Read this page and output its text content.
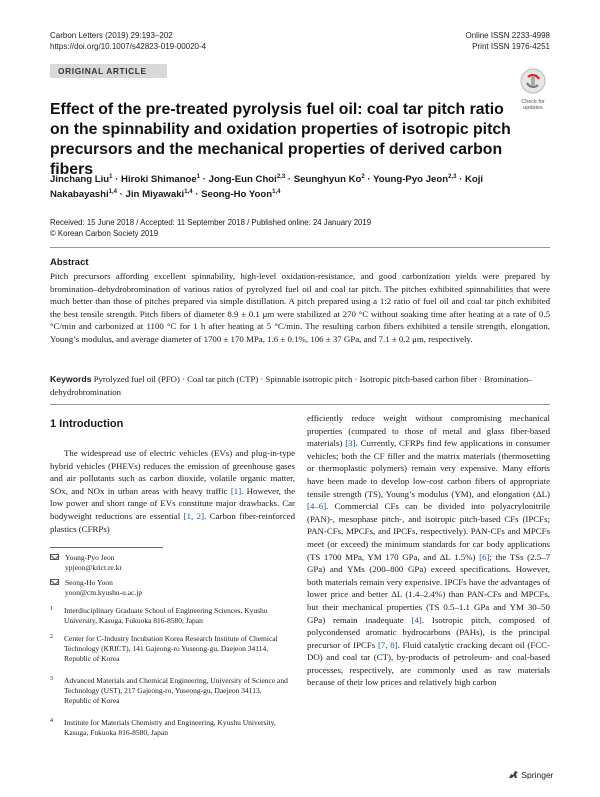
Carbon Letters (2019) 29:193–202
https://doi.org/10.1007/s42823-019-00020-4
Online ISSN 2233-4998
Print ISSN 1976-4251
ORIGINAL ARTICLE
Check for
updates
Effect of the pre-treated pyrolysis fuel oil: coal tar pitch ratio
on the spinnability and oxidation properties of isotropic pitch
precursors and the mechanical properties of derived carbon fibers
Jinchang Liu$^1$ · Hiroki Shimanoe$^1$ · Jong-Eun Choi$^{2,3}$ · Seunghyun $Ko^2$ · Young-Pyo Jeon$^{2,3}$ · Koji Nakabayashi$^{1,4}$ · Jin Miyawaki$^{1,4}$ · Seong-Ho Yoon$^{1,4}$
Received: 15 June 2018 / Accepted: 11 September 2018 / Published online: 24 January 2019
© Korean Carbon Society 2019
Abstract
Pitch precursors affording excellent spinnability, high-level oxidation-resistance, and good carbonization yields were prepared by bromination–dehydrobromination of various ratios of pyrolyzed fuel oil and coal tar pitch. The pitches exhibited spinnabilities that were much better than those of pitches prepared via simple distillation. A pitch prepared using a 1:2 ratio of fuel oil and coal tar pitch exhibited the best tensile strength. Pitch fibers of diameter 8.9 ± 0.1 μm were stabilized at 270 °C without soaking time after heating at a rate of 0.5 °C/min and carbonized at 1100 °C for 1 h after heating at 5 °C/min. The resulting carbon fibers exhibited a tensile strength, elongation, Young’s modulus, and average diameter of 1700 ± 170 MPa, 1.6 ± 0.1%, 106 ± 37 GPa, and 7.1 ± 0.2 μm, respectively.
Keywords Pyrolyzed fuel oil (PFO) · Coal tar pitch (CTP) · Spinnable isotropic pitch · Isotropic pitch-based carbon fiber · Bromination–dehydrobromination
1 Introduction

The widespread use of electric vehicles (EVs) and plug-in-type hybrid vehicles (PHEVs) reduces the emission of greenhouse gases and air pollutants such as carbon dioxide, volatile organic matter, SOx, and NOx in urban areas with heavy traffic [1]. However, the low power and short range of EVs constitute major drawbacks. Car bodyweight reductions are essential [1, 2]. Carbon fiber-reinforced plastics (CFRPs)

efficiently reduce weight without compromising mechanical properties (compared to those of metal and glass fiber-based materials) [3]. Currently, CFRPs find few applications in consumer vehicles; both the CF filler and the matrix materials (thermosetting or thermoplastic polymers) remain very expensive. Many efforts have been made to develop low-cost carbon fibers of appropriate tensile strength (TS), Young’s modulus (YM), and elongation (ΔL) [4–6]. Commercial CFs can be divided into polyacrylonitrile (PAN)-, mesophase pitch-, and isotropic pitch-based CFs (IPCFs; PAN-CFs, MPCFs, and IPCFs, respectively). PAN-CFs and MPCFs meet (or exceed) the minimum standards for car body applications (TS 1700 MPa, YM 170 GPa, and ΔL 1.5%) [6]; the TSs (2.5–7 GPa) and YMs (200–800 GPa) exceed specifications. However, both materials remain very expensive. IPCFs have the advantages of lower price and better ΔL (1.4–2.4%) than PAN-CFs and MPCFs, but their mechanical properties (TS 0.5–1.1 GPa and YM 30–50 GPa) remain inadequate [4]. Isotropic pitch, composed of polycondensed aromatic hydrocarbons (PAHs), is the principal precursor of IPCFs [7, 8]. Fluid catalytic cracking decant oil (FCC-DO) and coal tar (CT), by-products of petroleum- and coal-based processes, respectively, are commonly used as raw materials because of their low prices and relatively high carbon

Young-Pyo Jeon
ypjeon@krict.re.kr
Seong-Ho Yoon
yoon@cm.kyushu-u.ac.jp
1 Interdisciplinary Graduate School of Engineering Sciences, Kyushu University, Kasuga, Fukuoka 816-8580, Japan
2 Center for C-Industry Incubation Korea Research Institute of Chemical Technology (KRICT), 141 Gajeong-ro Yuseong-gu, Daejeon 34114, Republic of Korea
3 Advanced Materials and Chemical Engineering, University of Science and Technology (UST), 217 Gajeong-ro, Yuseong-gu, Daejeon 34113, Republic of Korea
4 Institute for Materials Chemistry and Engineering, Kyushu University, Kasuga, Fukuoka 816-8580, Japan
Springer
